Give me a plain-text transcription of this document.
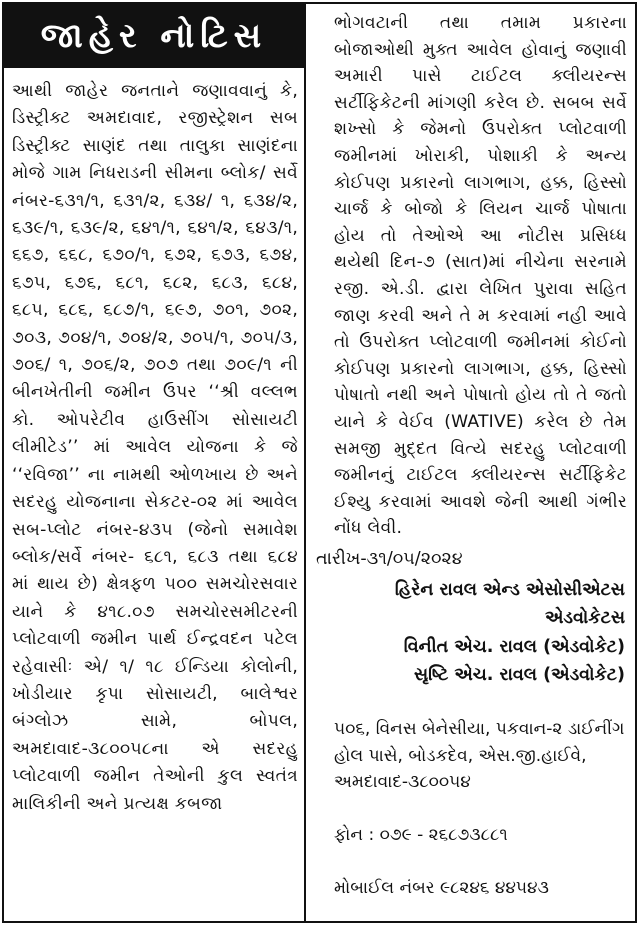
જાહેર નોટિસ
આથી જાહેર જનતાને જણાવવાનું કે, ડિસ્ટ્રીક્ટ અમદાવાદ, રજીસ્ટ્રેશન સબ ડિસ્ટ્રીક્ટ સાણંદ તથા તાલુકા સાણંદના મોજે ગામ નિધરાડની સીમના બ્લોક/ સર્વે નંબર-૬૩૧/૧, ૬૩૧/૨, ૬૩૪/ ૧, ૬૩૪/૨, ૬૩૯/૧, ૬૩૯/૨, ૬૪૧/૧, ૬૪૧/૨, ૬૪૩/૧, ૬૬૭, ૬૬૮, ૬૭૦/૧, ૬૭૨, ૬૭૩, ૬૭૪, ૬૭૫, ૬૭૬, ૬૮૧, ૬૮૨, ૬૮૩, ૬૮૪, ૬૮૫, ૬૮૬, ૬૮૭/૧, ૬૯૭, ૭૦૧, ૭૦૨, ૭૦૩, ૭૦૪/૧, ૭૦૪/૨, ૭૦૫/૧, ૭૦૫/૩, ૭૦૬/ ૧, ૭૦૬/૨, ૭૦૭ તથા ૭૦૯/૧ ની બીનખેતીની જમીન ઉપર ‘‘શ્રી વલ્લભ કો. ઓપરેટીવ હાઉસીંગ સોસાયટી લીમીટેડ’’ માં આવેલ યોજના કે જે ‘‘રવિજા’’ ના નામથી ઓળખાય છે અને સદરહુ યોજનાના સેકટર-૦૨ માં આવેલ સબ-પ્લોટ નંબર-૪૩૫ (જેનો સમાવેશ બ્લોક/સર્વે નંબર- ૬૮૧, ૬૮૩ તથા ૬૮૪ માં થાય છે) ક્ષેત્રફળ ૫૦૦ સમચોરસવાર યાને કે ૪૧૮.૦૭ સમચોરસમીટરની પ્લોટવાળી જમીન પાર્થ ઈન્દ્રવદન પટેલ રહેવાસીઃ એ/ ૧/ ૧૮ ઈન્ડિયા કોલોની, ખોડીયાર કૃપા સોસાયટી, બાલેશ્વર બંગ્લોઝ સામે, બોપલ, અમદાવાદ-૩૮૦૦૫૮ના એ સદરહુ પ્લોટવાળી જમીન તેઓની કુલ સ્વતંત્ર માલિકીની અને પ્રત્યક્ષ કબજા
ભોગવટાની તથા તમામ પ્રકારના બોજાઓથી મુક્ત આવેલ હોવાનું જણાવી અમારી પાસે ટાઈટલ ક્લીયરન્સ સર્ટીફિકેટની માંગણી કરેલ છે. સબબ સર્વે શખ્સો કે જેમનો ઉપરોક્ત પ્લોટવાળી જમીનમાં ખોરાકી, પોશાકી કે અન્ય કોઈપણ પ્રકારનો લાગભાગ, હક્ક, હિસ્સો ચાર્જ કે બોજો કે લિયન ચાર્જ પોષાતા હોય તો તેઓએ આ નોટીસ પ્રસિધ્ધ થયેથી દિન-૭ (સાત)માં નીચેના સરનામે રજી. એ.ડી. દ્વારા લેખિત પુરાવા સહિત જાણ કરવી અને તે મ કરવામાં નહી આવે તો ઉપરોક્ત પ્લોટવાળી જમીનમાં કોઈનો કોઈપણ પ્રકારનો લાગભાગ, હક્ક, હિસ્સો પોષાતો નથી અને પોષાતો હોય તો તે જતો યાને કે વેઈવ (WATIVE) કરેલ છે તેમ સમજી મુદ્દત વિત્યે સદરહુ પ્લોટવાળી જમીનનું ટાઈટલ ક્લીયરન્સ સર્ટીફિકેટ ઈશ્યુ કરવામાં આવશે જેની આથી ગંભીર નોંધ લેવી.
તારીખ-૩૧/૦૫/૨૦૨૪
હિરેન રાવલ એન્ડ એસોસીએટસ
એડવોકેટસ
વિનીત એચ. રાવલ (એડવોકેટ)
સૃષ્ટિ એચ. રાવલ (એડવોકેટ)

૫૦૬, વિનસ બેનેસીયા, પકવાન-૨ ડાઈનીંગ હોલ પાસે, બોડકદેવ, એસ.જી.હાઈવે, અમદાવાદ-૩૮૦૦૫૪

ફોન : ૦૭૯ - ૨૬૮૭૩૮૮૧

મોબાઈલ નંબર ૯૮૨૪૬ ૪૪૫૪૩
